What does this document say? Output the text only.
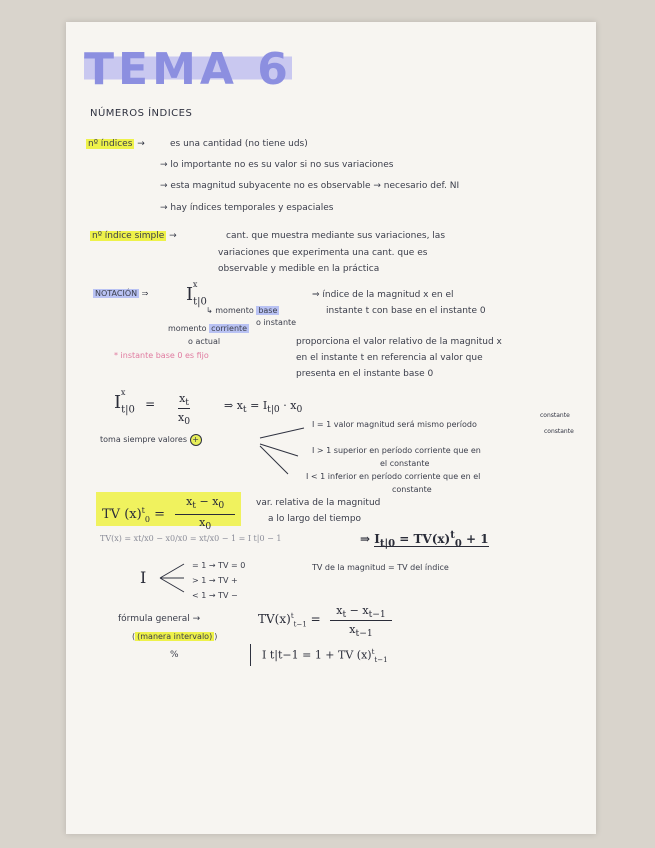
TEMA 6
NÚMEROS ÍNDICES
nº índices →	es una cantidad (no tiene uds)
→ lo importante no es su valor si no sus variaciones
→ esta magnitud subyacente no es observable → necesario def. NI
→ hay índices temporales y espaciales
nº índice simple →	cant. que muestra mediante sus variaciones, las
variaciones que experimenta una cant. que es
observable y medible en la práctica
NOTACIÓN ⇒ $I_{t|0}^x$
⇒ índice de la magnitud x en el
instante t con base en el instante 0
↳ momento base
o instante
momento corriente
o actual
* instante base 0 es fijo
proporciona el valor relativo de la magnitud x
en el instante t en referencia al valor que
presenta en el instante base 0
$I_{t|0}^x = x_t$
$x_0$
⇒ $x_t = I_{t|0} \cdot x_0$
toma siempre valores +
I = 1 valor magnitud será mismo período
constante
constante
I > 1 superior en período corriente que en
el constante
I < 1 inferior en período corriente que en el
constante
TV $(x)^t_0 = x_t - x_0$
$x_0$
var. relativa de la magnitud
a lo largo del tiempo
TV(x) = xt/x0 − x0/x0 = xt/x0 − 1 = I t|0 − 1	⇒ $I_{t|0} = TV(x)^t_0 + 1$
I
= 1 → TV = 0
> 1 → TV +
< 1 → TV −
TV de la magnitud = TV del índice
fórmula general →	$TV(x)^t_{t-1}$ =
$x_t - x_{t-1}$
$x_{t-1}$
( (manera intervalo) )
%	I t|t−1 = 1 + TV $(x)^t_{t-1}$
